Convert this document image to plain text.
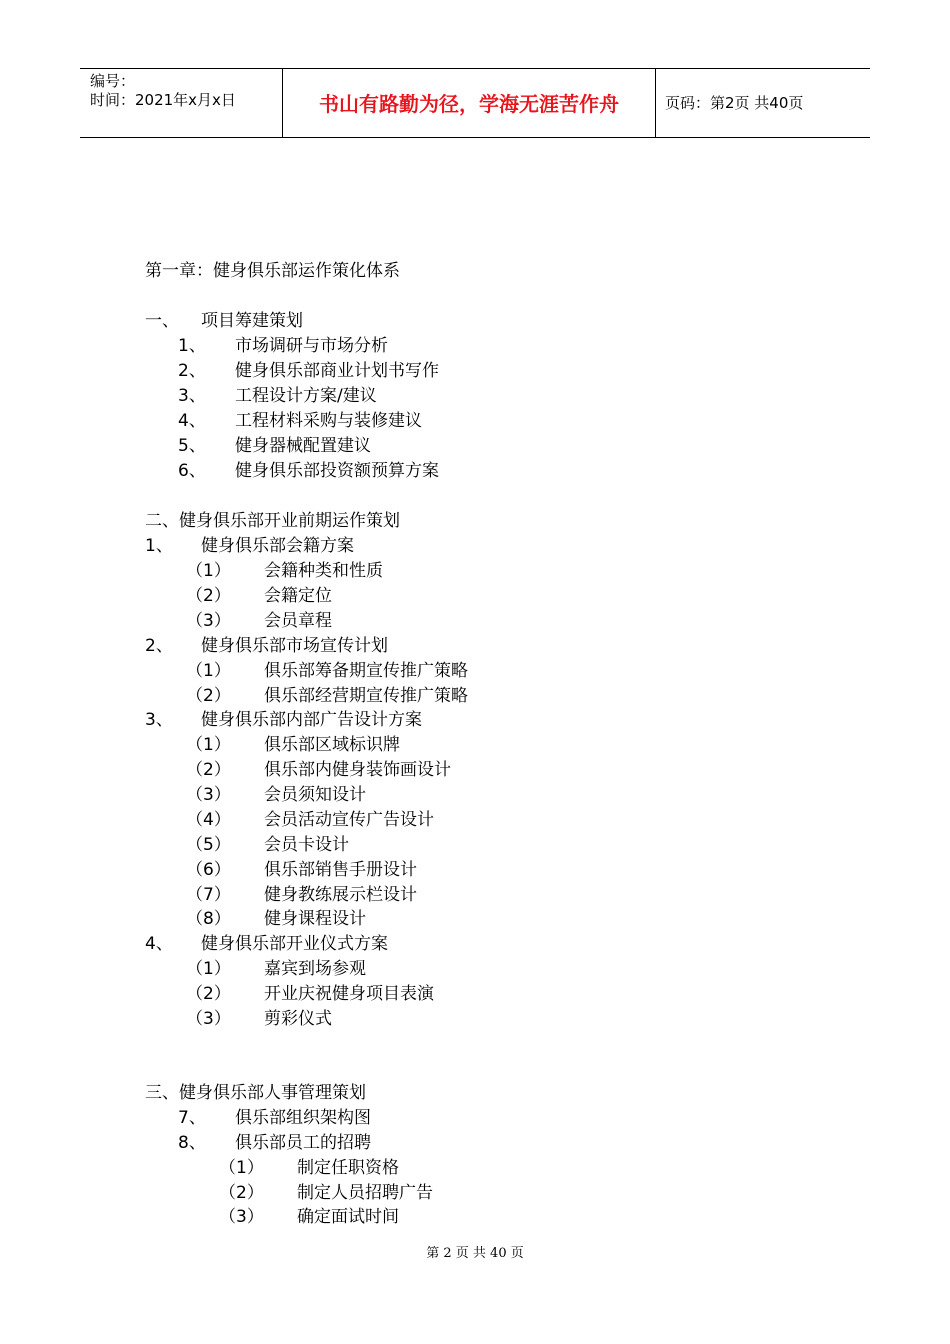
编号：
时间：2021年x月x日	书山有路勤为径，学海无涯苦作舟	页码：第2页 共40页
第一章：健身俱乐部运作策化体系
一、 项目筹建策划
1、 市场调研与市场分析
2、 健身俱乐部商业计划书写作
3、 工程设计方案/建议
4、 工程材料采购与装修建议
5、 健身器械配置建议
6、 健身俱乐部投资额预算方案
二、健身俱乐部开业前期运作策划
1、 健身俱乐部会籍方案
（1） 会籍种类和性质
（2） 会籍定位
（3） 会员章程
2、 健身俱乐部市场宣传计划
（1） 俱乐部筹备期宣传推广策略
（2） 俱乐部经营期宣传推广策略
3、 健身俱乐部内部广告设计方案
（1） 俱乐部区域标识牌
（2） 俱乐部内健身装饰画设计
（3） 会员须知设计
（4） 会员活动宣传广告设计
（5） 会员卡设计
（6） 俱乐部销售手册设计
（7） 健身教练展示栏设计
（8） 健身课程设计
4、 健身俱乐部开业仪式方案
（1） 嘉宾到场参观
（2） 开业庆祝健身项目表演
（3） 剪彩仪式
三、健身俱乐部人事管理策划
7、 俱乐部组织架构图
8、 俱乐部员工的招聘
（1） 制定任职资格
（2） 制定人员招聘广告
（3） 确定面试时间
第 2 页 共 40 页
